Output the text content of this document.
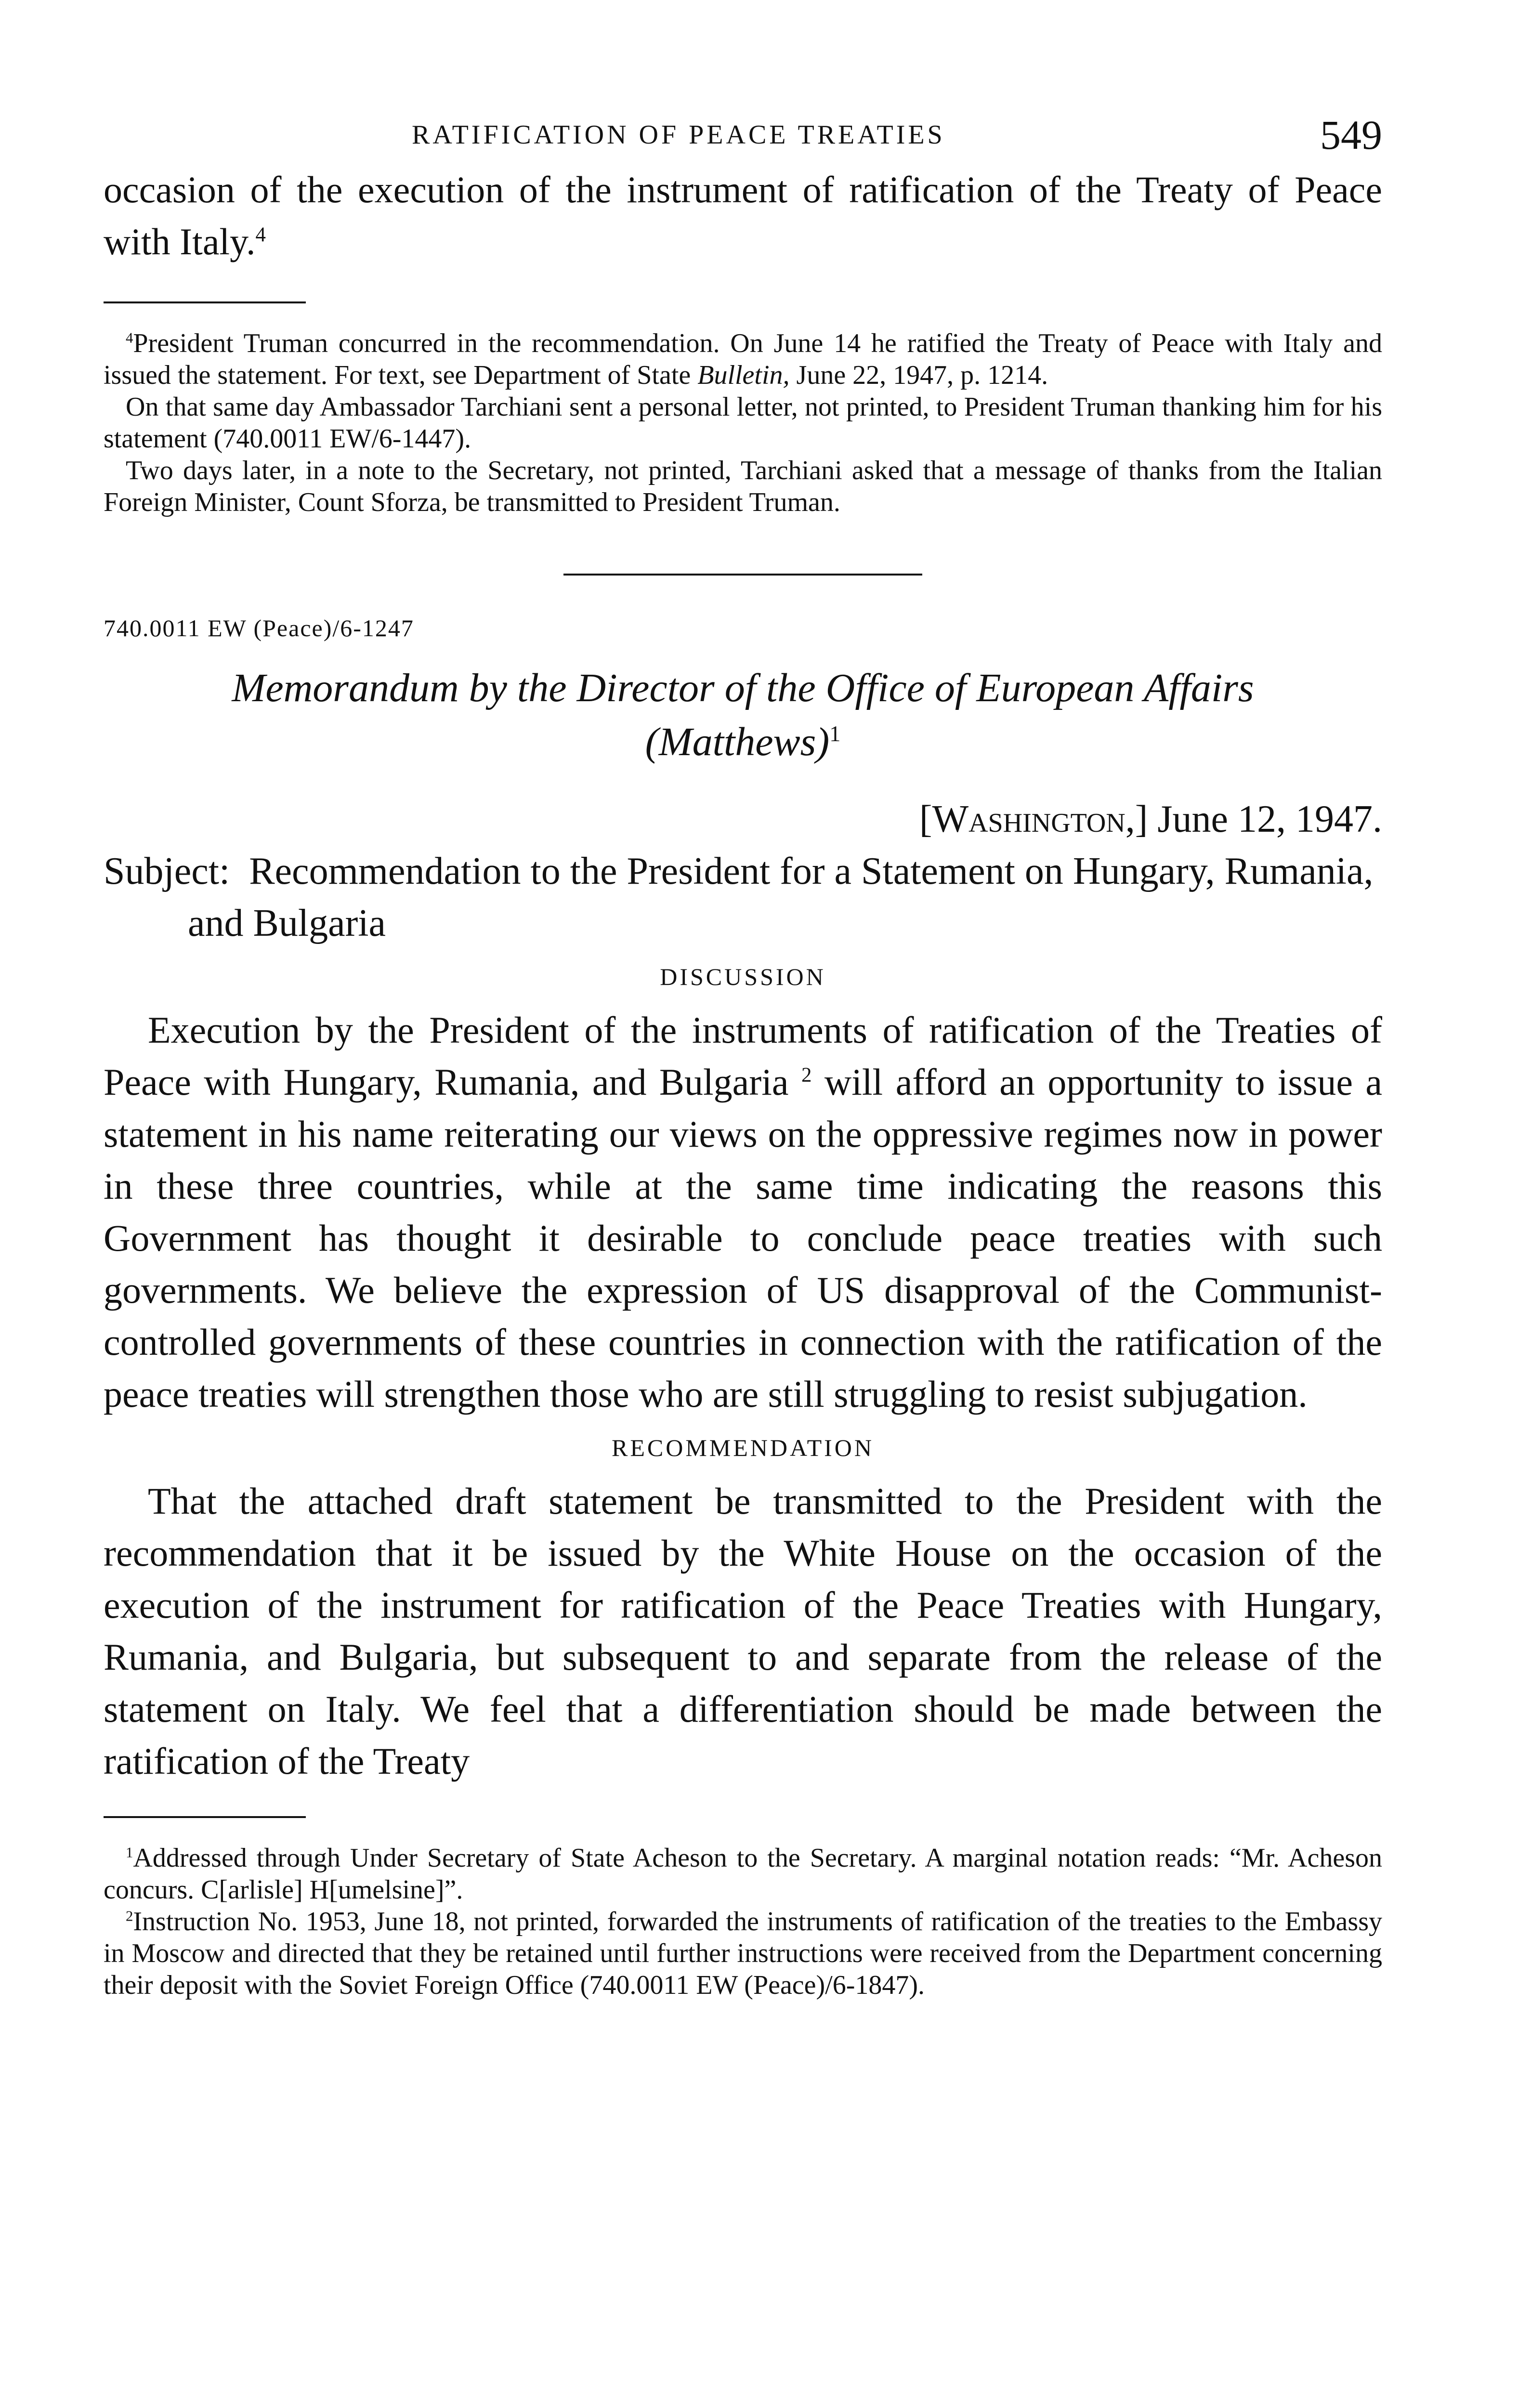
RATIFICATION OF PEACE TREATIES	549

occasion of the execution of the instrument of ratification of the Treaty of Peace with Italy.$^4$

$^4$President Truman concurred in the recommendation. On June 14 he ratified the Treaty of Peace with Italy and issued the statement. For text, see Department of State Bulletin, June 22, 1947, p. 1214.

On that same day Ambassador Tarchiani sent a personal letter, not printed, to President Truman thanking him for his statement (740.0011 EW/6-1447).

Two days later, in a note to the Secretary, not printed, Tarchiani asked that a message of thanks from the Italian Foreign Minister, Count Sforza, be transmitted to President Truman.

740.0011 EW (Peace)/6-1247

Memorandum by the Director of the Office of European Affairs

(Matthews)$^1$

[Washington,] June 12, 1947.

Subject: Recommendation to the President for a Statement on Hungary, Rumania, and Bulgaria

DISCUSSION

Execution by the President of the instruments of ratification of the Treaties of Peace with Hungary, Rumania, and Bulgaria $^2$ will afford an opportunity to issue a statement in his name reiterating our views on the oppressive regimes now in power in these three countries, while at the same time indicating the reasons this Government has thought it desirable to conclude peace treaties with such governments. We believe the expression of US disapproval of the Communist-controlled governments of these countries in connection with the ratification of the peace treaties will strengthen those who are still struggling to resist subjugation.

RECOMMENDATION

That the attached draft statement be transmitted to the President with the recommendation that it be issued by the White House on the occasion of the execution of the instrument for ratification of the Peace Treaties with Hungary, Rumania, and Bulgaria, but subsequent to and separate from the release of the statement on Italy. We feel that a differentiation should be made between the ratification of the Treaty

$^1$Addressed through Under Secretary of State Acheson to the Secretary. A marginal notation reads: “Mr. Acheson concurs. C[arlisle] H[umelsine]”.

$^2$Instruction No. 1953, June 18, not printed, forwarded the instruments of ratification of the treaties to the Embassy in Moscow and directed that they be retained until further instructions were received from the Department concerning their deposit with the Soviet Foreign Office (740.0011 EW (Peace)/6-1847).
